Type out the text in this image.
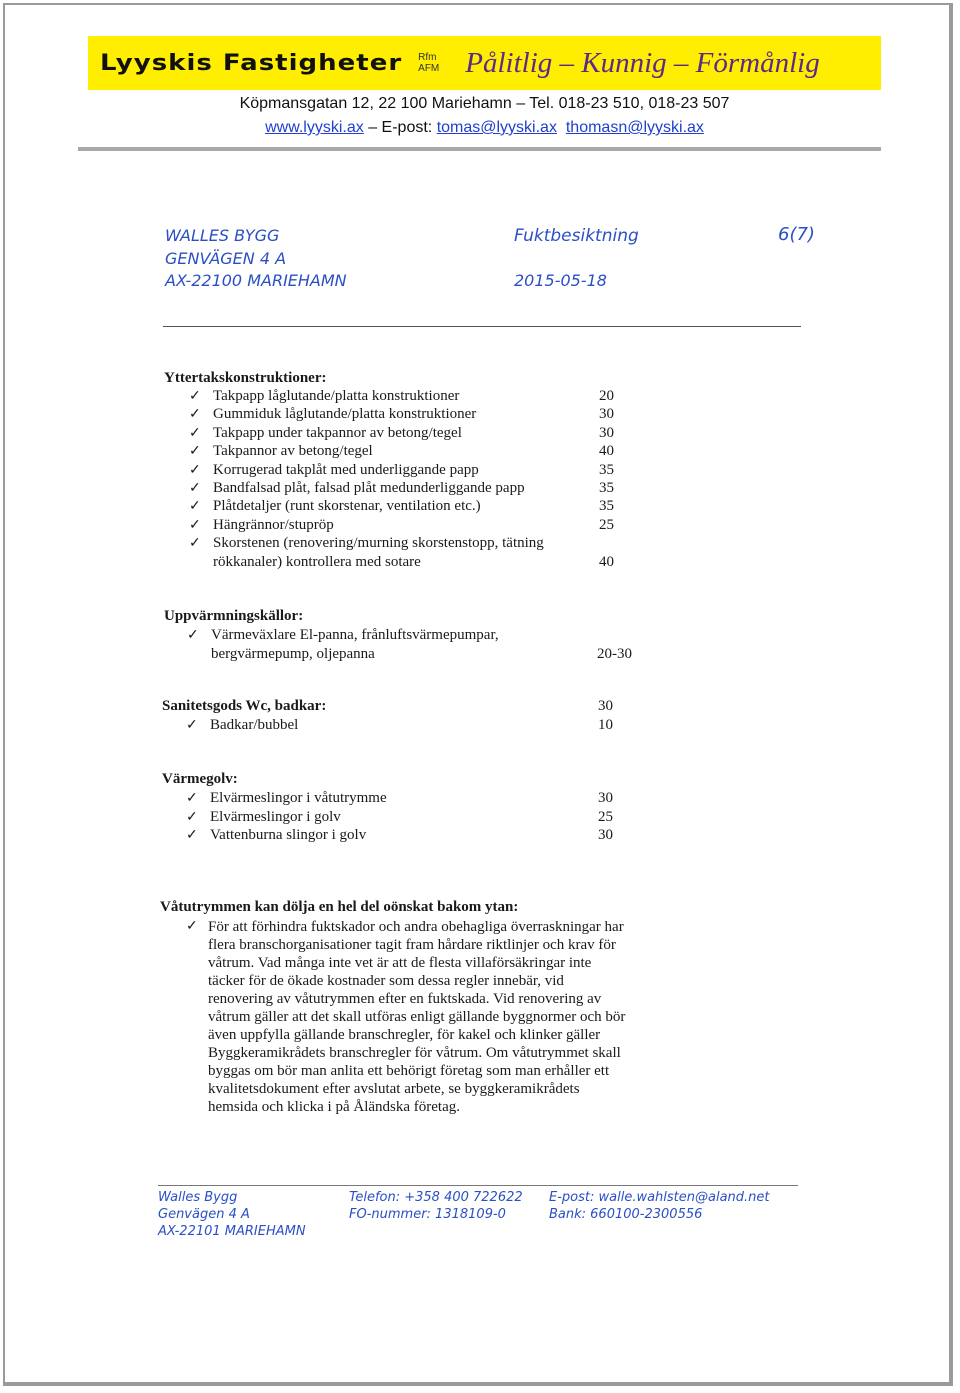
Lyyskis Fastigheter Rfm
AFM Pålitlig – Kunnig – Förmånlig
Köpmansgatan 12, 22 100 Mariehamn – Tel. 018-23 510, 018-23 507
www.lyyski.ax – E-post: tomas@lyyski.ax thomasn@lyyski.ax
WALLES BYGG
GENVÄGEN 4 A
AX-22100 MARIEHAMN
Fuktbesiktning	6(7)
2015-05-18
Yttertakskonstruktioner:
✓ Takpapp låglutande/platta konstruktioner	20
✓ Gummiduk låglutande/platta konstruktioner	30
✓ Takpapp under takpannor av betong/tegel	30
✓ Takpannor av betong/tegel	40
✓ Korrugerad takplåt med underliggande papp	35
✓ Bandfalsad plåt, falsad plåt medunderliggande papp	35
✓ Plåtdetaljer (runt skorstenar, ventilation etc.)	35
✓ Hängrännor/stupröр	25
✓ Skorstenen (renovering/murning skorstenstopp, tätning
rökkanaler) kontrollera med sotare	40
Uppvärmningskällor:
✓ Värmeväxlare El-panna, frånluftsvärmepumpar,
bergvärmepump, oljepanna	20-30
Sanitetsgods Wc, badkar:	30
✓ Badkar/bubbel	10
Värmegolv:
✓ Elvärmeslingor i våtutrymme	30
✓ Elvärmeslingor i golv	25
✓ Vattenburna slingor i golv	30
Våtutrymmen kan dölja en hel del oönskat bakom ytan:
✓ För att förhindra fuktskador och andra obehagliga överraskningar har flera branschorganisationer tagit fram hårdare riktlinjer och krav för våtrum. Vad många inte vet är att de flesta villaförsäkringar inte täcker för de ökade kostnader som dessa regler innebär, vid renovering av våtutrymmen efter en fuktskada. Vid renovering av våtrum gäller att det skall utföras enligt gällande byggnormer och bör även uppfylla gällande branschregler, för kakel och klinker gäller Byggkeramikrådets branschregler för våtrum. Om våtutrymmet skall byggas om bör man anlita ett behörigt företag som man erhåller ett kvalitetsdokument efter avslutat arbete, se byggkeramikrådets hemsida och klicka i på Åländska företag.
Walles Bygg
Genvägen 4 A
AX-22101 MARIEHAMN
Telefon: +358 400 722622
FO-nummer: 1318109-0
E-post: walle.wahlsten@aland.net
Bank: 660100-2300556
